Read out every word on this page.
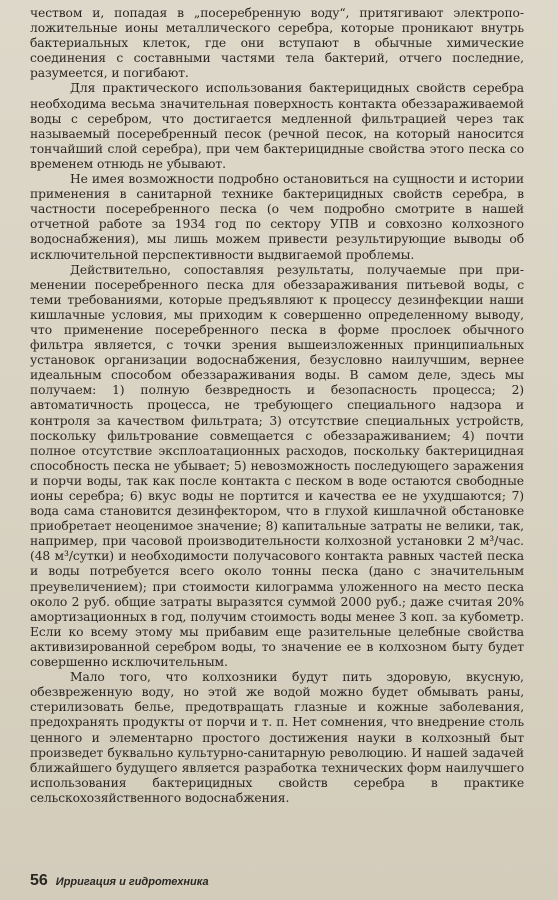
чеством и, попадая в „посеребренную воду“, притягивают электроположительные ионы металлического серебра, которые проникают внутрь бактериальных клеток, где они вступают в обычные химические соединения с составными частями тела бактерий, отчего последние, разумеется, и погибают.

Для практического использования бактерицидных свойств серебра необходима весьма значительная поверхность контакта обеззараживаемой воды с серебром, что достигается медленной фильтрацией через так называемый посеребренный песок (речной песок, на который наносится тончайший слой серебра), при чем бактерицидные свойства этого песка со временем отнюдь не убывают.

Не имея возможности подробно остановиться на сущности и истории применения в санитарной технике бактерицидных свойств серебра, в частности посеребренного песка (о чем подробно смотрите в нашей отчетной работе за 1934 год по сектору УПВ и совхозно колхозного водоснабжения), мы лишь можем привести результирующие выводы об исключительной перспективности выдвигаемой проблемы.

Действительно, сопоставляя результаты, получаемые при применении посеребренного песка для обеззараживания питьевой воды, с теми требованиями, которые предъявляют к процессу дезинфекции наши кишлачные условия, мы приходим к совершенно определенному выводу, что применение посеребренного песка в форме прослоек обычного фильтра является, с точки зрения вышеизложенных принципиальных установок организации водоснабжения, безусловно наилучшим, вернее идеальным способом обеззараживания воды. В самом деле, здесь мы получаем: 1) полную безвредность и безопасность процесса; 2) автоматичность процесса, не требующего специального надзора и контроля за качеством фильтрата; 3) отсутствие специальных устройств, поскольку фильтрование совмещается с обеззараживанием; 4) почти полное отсутствие эксплоатационных расходов, поскольку бактерицидная способность песка не убывает; 5) невозможность последующего заражения и порчи воды, так как после контакта с песком в воде остаются свободные ионы серебра; 6) вкус воды не портится и качества ее не ухудшаются; 7) вода сама становится дезинфектором, что в глухой кишлачной обстановке приобретает неоценимое значение; 8) капитальные затраты не велики, так, например, при часовой производительности колхозной установки 2 м³/час. (48 м³/сутки) и необходимости получасового контакта равных частей песка и воды потребуется всего около тонны песка (дано с значительным преувеличением); при стоимости килограмма уложенного на место песка около 2 руб. общие затраты выразятся суммой 2000 руб.; даже считая 20% амортизационных в год, получим стоимость воды менее 3 коп. за кубометр. Если ко всему этому мы прибавим еще разительные целебные свойства активизированной серебром воды, то значение ее в колхозном быту будет совершенно исключительным.

Мало того, что колхозники будут пить здоровую, вкусную, обезвреженную воду, но этой же водой можно будет обмывать раны, стерилизовать белье, предотвращать глазные и кожные заболевания, предохранять продукты от порчи и т. п. Нет сомнения, что внедрение столь ценного и элементарно простого достижения науки в колхозный быт произведет буквально культурно-санитарную революцию. И нашей задачей ближайшего будущего является разработка технических форм наилучшего использования бактерицидных свойств серебра в практике сельскохозяйственного водоснабжения.

56 Ирригация и гидротехника
